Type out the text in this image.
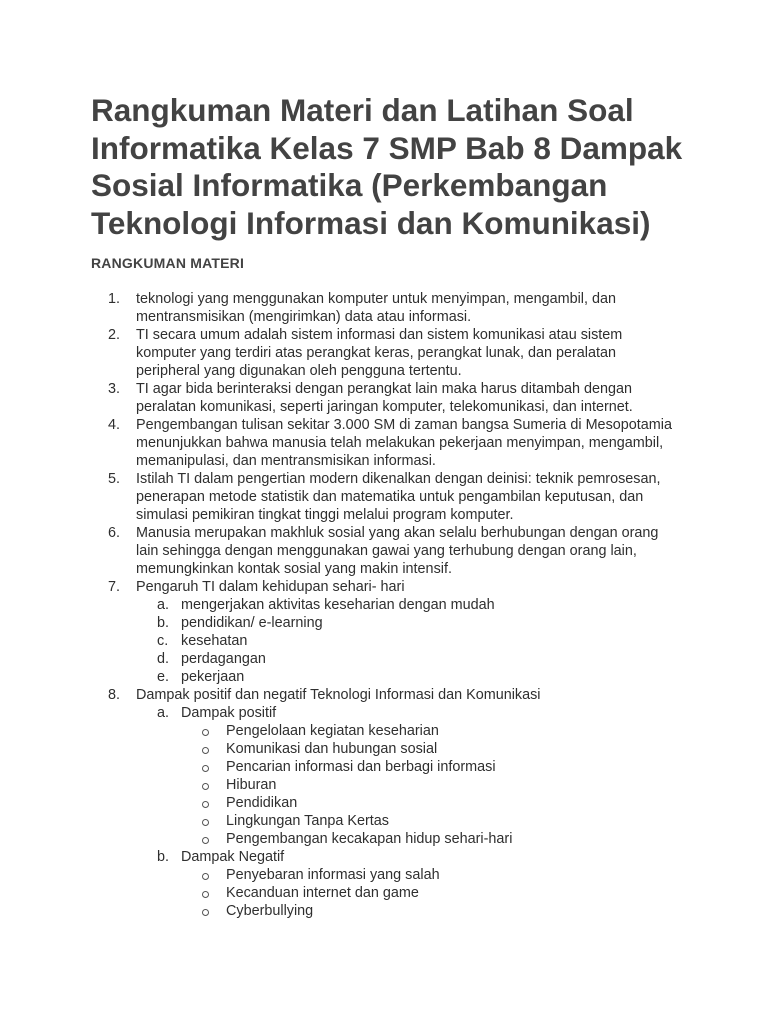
Rangkuman Materi dan Latihan Soal Informatika Kelas 7 SMP Bab 8 Dampak Sosial Informatika (Perkembangan Teknologi Informasi dan Komunikasi)
RANGKUMAN MATERI
1. teknologi yang menggunakan komputer untuk menyimpan, mengambil, dan mentransmisikan (mengirimkan) data atau informasi.
2. TI secara umum adalah sistem informasi dan sistem komunikasi atau sistem komputer yang terdiri atas perangkat keras, perangkat lunak, dan peralatan peripheral yang digunakan oleh pengguna tertentu.
3. TI agar bida berinteraksi dengan perangkat lain maka harus ditambah dengan peralatan komunikasi, seperti jaringan komputer, telekomunikasi, dan internet.
4. Pengembangan tulisan sekitar 3.000 SM di zaman bangsa Sumeria di Mesopotamia menunjukkan bahwa manusia telah melakukan pekerjaan menyimpan, mengambil, memanipulasi, dan mentransmisikan informasi.
5. Istilah TI dalam pengertian modern dikenalkan dengan deinisi: teknik pemrosesan, penerapan metode statistik dan matematika untuk pengambilan keputusan, dan simulasi pemikiran tingkat tinggi melalui program komputer.
6. Manusia merupakan makhluk sosial yang akan selalu berhubungan dengan orang lain sehingga dengan menggunakan gawai yang terhubung dengan orang lain, memungkinkan kontak sosial yang makin intensif.
7. Pengaruh TI dalam kehidupan sehari- hari
a. mengerjakan aktivitas keseharian dengan mudah
b. pendidikan/ e-learning
c. kesehatan
d. perdagangan
e. pekerjaan
8. Dampak positif dan negatif Teknologi Informasi dan Komunikasi
a. Dampak positif
Pengelolaan kegiatan keseharian
Komunikasi dan hubungan sosial
Pencarian informasi dan berbagi informasi
Hiburan
Pendidikan
Lingkungan Tanpa Kertas
Pengembangan kecakapan hidup sehari-hari
b. Dampak Negatif
Penyebaran informasi yang salah
Kecanduan internet dan game
Cyberbullying
